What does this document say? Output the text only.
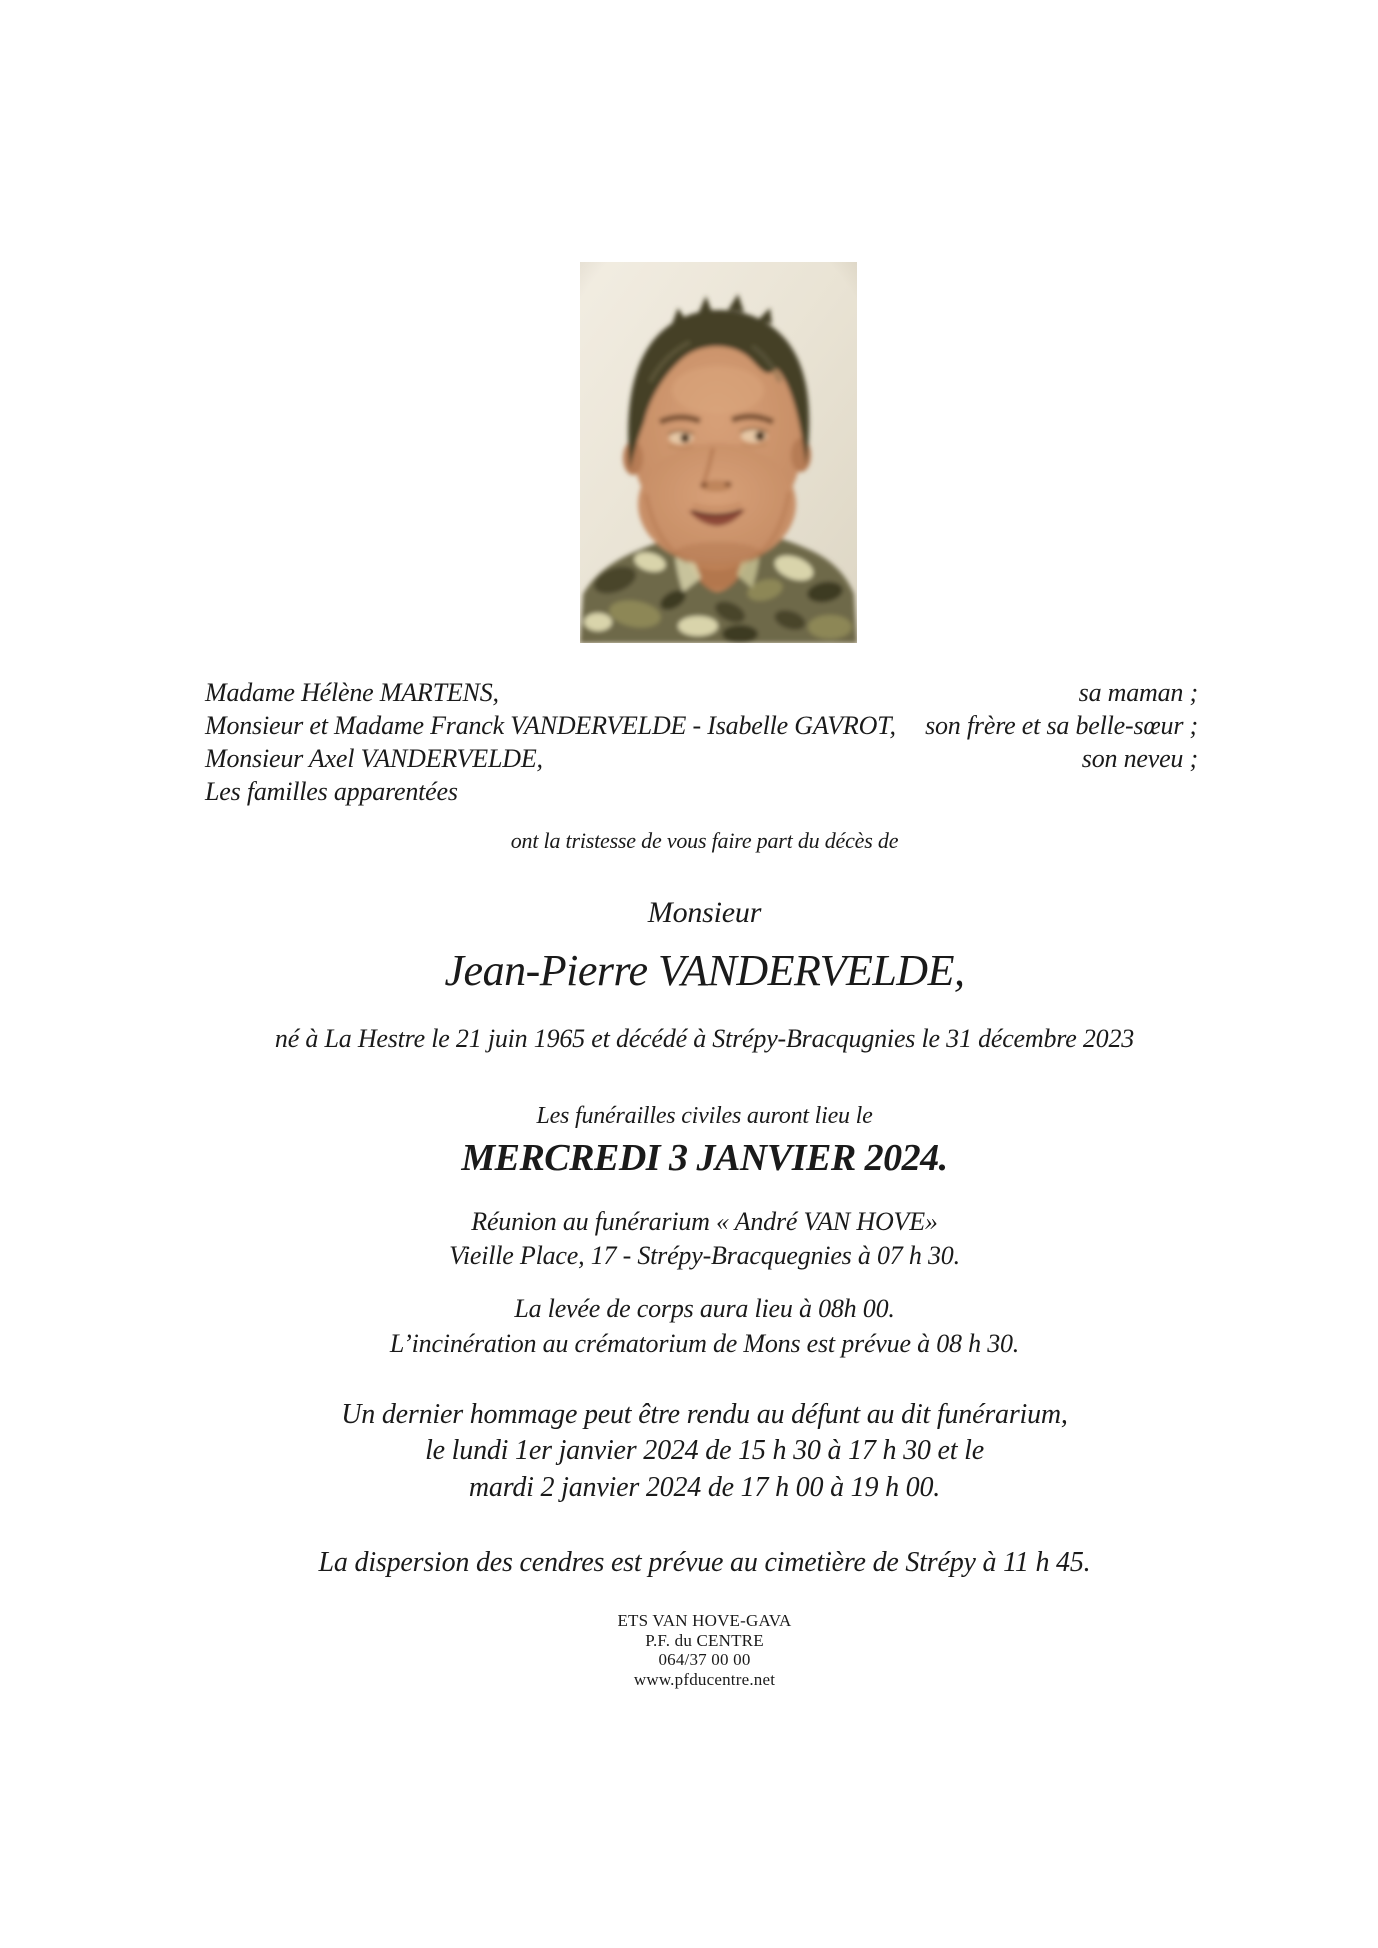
Madame Hélène MARTENS,	sa maman ;
Monsieur et Madame Franck VANDERVELDE - Isabelle GAVROT, son frère et sa belle-sœur ;
Monsieur Axel VANDERVELDE,	son neveu ;
Les familles apparentées
ont la tristesse de vous faire part du décès de
Monsieur
Jean-Pierre VANDERVELDE,
né à La Hestre le 21 juin 1965 et décédé à Strépy-Bracqugnies le 31 décembre 2023
Les funérailles civiles auront lieu le
MERCREDI 3 JANVIER 2024.
Réunion au funérarium « André VAN HOVE»
Vieille Place, 17 - Strépy-Bracquegnies à 07 h 30.
La levée de corps aura lieu à 08h 00.
L’incinération au crématorium de Mons est prévue à 08 h 30.
Un dernier hommage peut être rendu au défunt au dit funérarium,
le lundi 1er janvier 2024 de 15 h 30 à 17 h 30 et le
mardi 2 janvier 2024 de 17 h 00 à 19 h 00.
La dispersion des cendres est prévue au cimetière de Strépy à 11 h 45.
ETS VAN HOVE-GAVA
P.F. du CENTRE
064/37 00 00
www.pfducentre.net
